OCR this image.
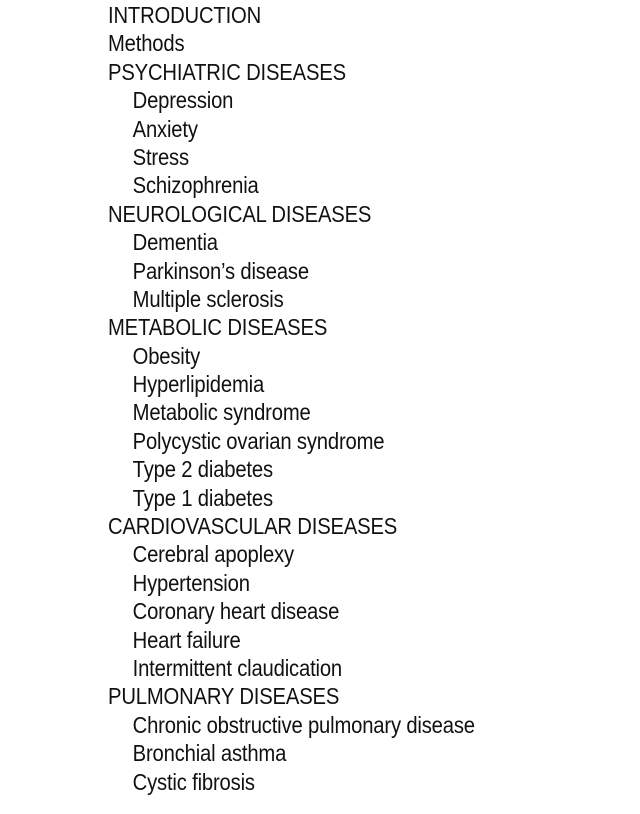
INTRODUCTION
Methods
PSYCHIATRIC DISEASES
Depression
Anxiety
Stress
Schizophrenia
NEUROLOGICAL DISEASES
Dementia
Parkinson’s disease
Multiple sclerosis
METABOLIC DISEASES
Obesity
Hyperlipidemia
Metabolic syndrome
Polycystic ovarian syndrome
Type 2 diabetes
Type 1 diabetes
CARDIOVASCULAR DISEASES
Cerebral apoplexy
Hypertension
Coronary heart disease
Heart failure
Intermittent claudication
PULMONARY DISEASES
Chronic obstructive pulmonary disease
Bronchial asthma
Cystic fibrosis
